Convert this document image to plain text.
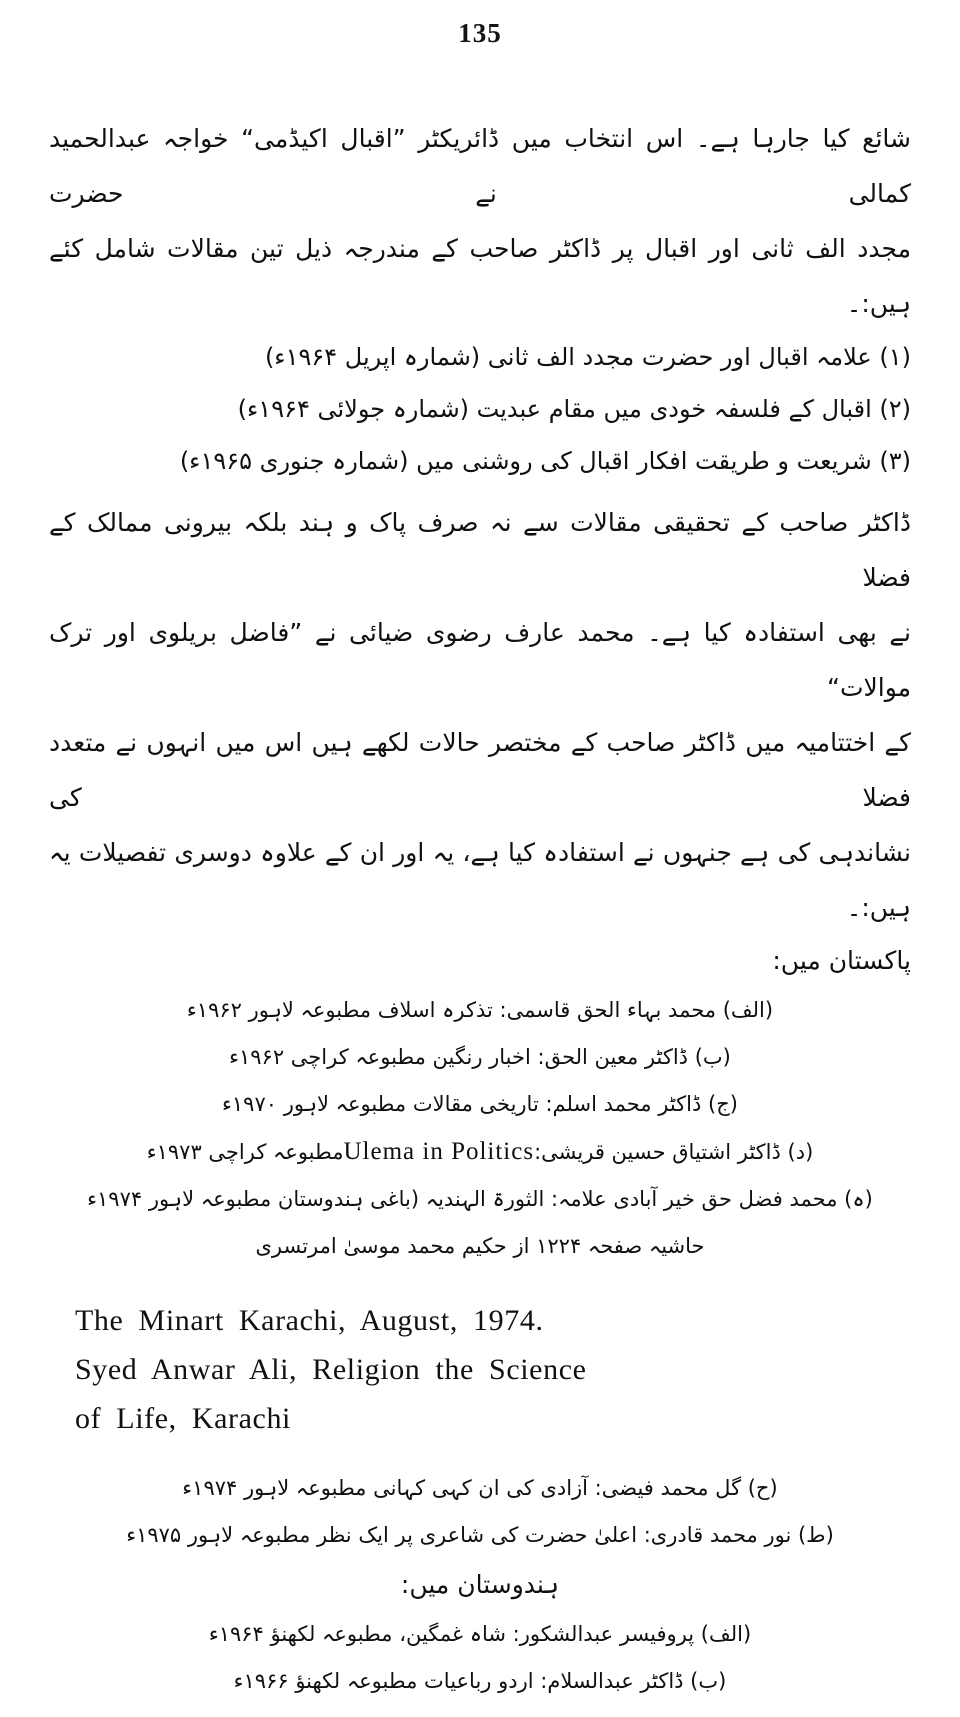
135
شائع کیا جارہا ہے۔ اس انتخاب میں ڈائریکٹر ”اقبال اکیڈمی“ خواجہ عبدالحمید کمالی نے حضرت
مجدد الف ثانی اور اقبال پر ڈاکٹر صاحب کے مندرجہ ذیل تین مقالات شامل کئے ہیں:۔
(۱) علامہ اقبال اور حضرت مجدد الف ثانی (شمارہ اپریل ۱۹۶۴ء)
(۲) اقبال کے فلسفہ خودی میں مقام عبدیت (شمارہ جولائی ۱۹۶۴ء)
(۳) شریعت و طریقت افکار اقبال کی روشنی میں (شمارہ جنوری ۱۹۶۵ء)
ڈاکٹر صاحب کے تحقیقی مقالات سے نہ صرف پاک و ہند بلکہ بیرونی ممالک کے فضلا
نے بھی استفادہ کیا ہے۔ محمد عارف رضوی ضیائی نے ”فاضل بریلوی اور ترک موالات“
کے اختتامیہ میں ڈاکٹر صاحب کے مختصر حالات لکھے ہیں اس میں انہوں نے متعدد فضلا کی
نشاندہی کی ہے جنہوں نے استفادہ کیا ہے، یہ اور ان کے علاوہ دوسری تفصیلات یہ ہیں:۔
پاکستان میں:
(الف) محمد بہاء الحق قاسمی: تذکرہ اسلاف مطبوعہ لاہور ۱۹۶۲ء
(ب) ڈاکٹر معین الحق: اخبار رنگین مطبوعہ کراچی ۱۹۶۲ء
(ج) ڈاکٹر محمد اسلم: تاریخی مقالات مطبوعہ لاہور ۱۹۷۰ء
(د) ڈاکٹر اشتیاق حسین قریشی:Ulema in Politicsمطبوعہ کراچی ۱۹۷۳ء
(ہ) محمد فضل حق خیر آبادی علامہ: الثورۃ الہندیہ (باغی ہندوستان مطبوعہ لاہور ۱۹۷۴ء
حاشیہ صفحہ ۱۲۲۴ از حکیم محمد موسیٰ امرتسری
The Minart Karachi, August, 1974.
Syed Anwar Ali, Religion the Science
of Life, Karachi
(ح) گل محمد فیضی: آزادی کی ان کہی کہانی مطبوعہ لاہور ۱۹۷۴ء
(ط) نور محمد قادری: اعلیٰ حضرت کی شاعری پر ایک نظر مطبوعہ لاہور ۱۹۷۵ء
ہندوستان میں:
(الف) پروفیسر عبدالشکور: شاہ غمگین، مطبوعہ لکھنؤ ۱۹۶۴ء
(ب) ڈاکٹر عبدالسلام: اردو رباعیات مطبوعہ لکھنؤ ۱۹۶۶ء
